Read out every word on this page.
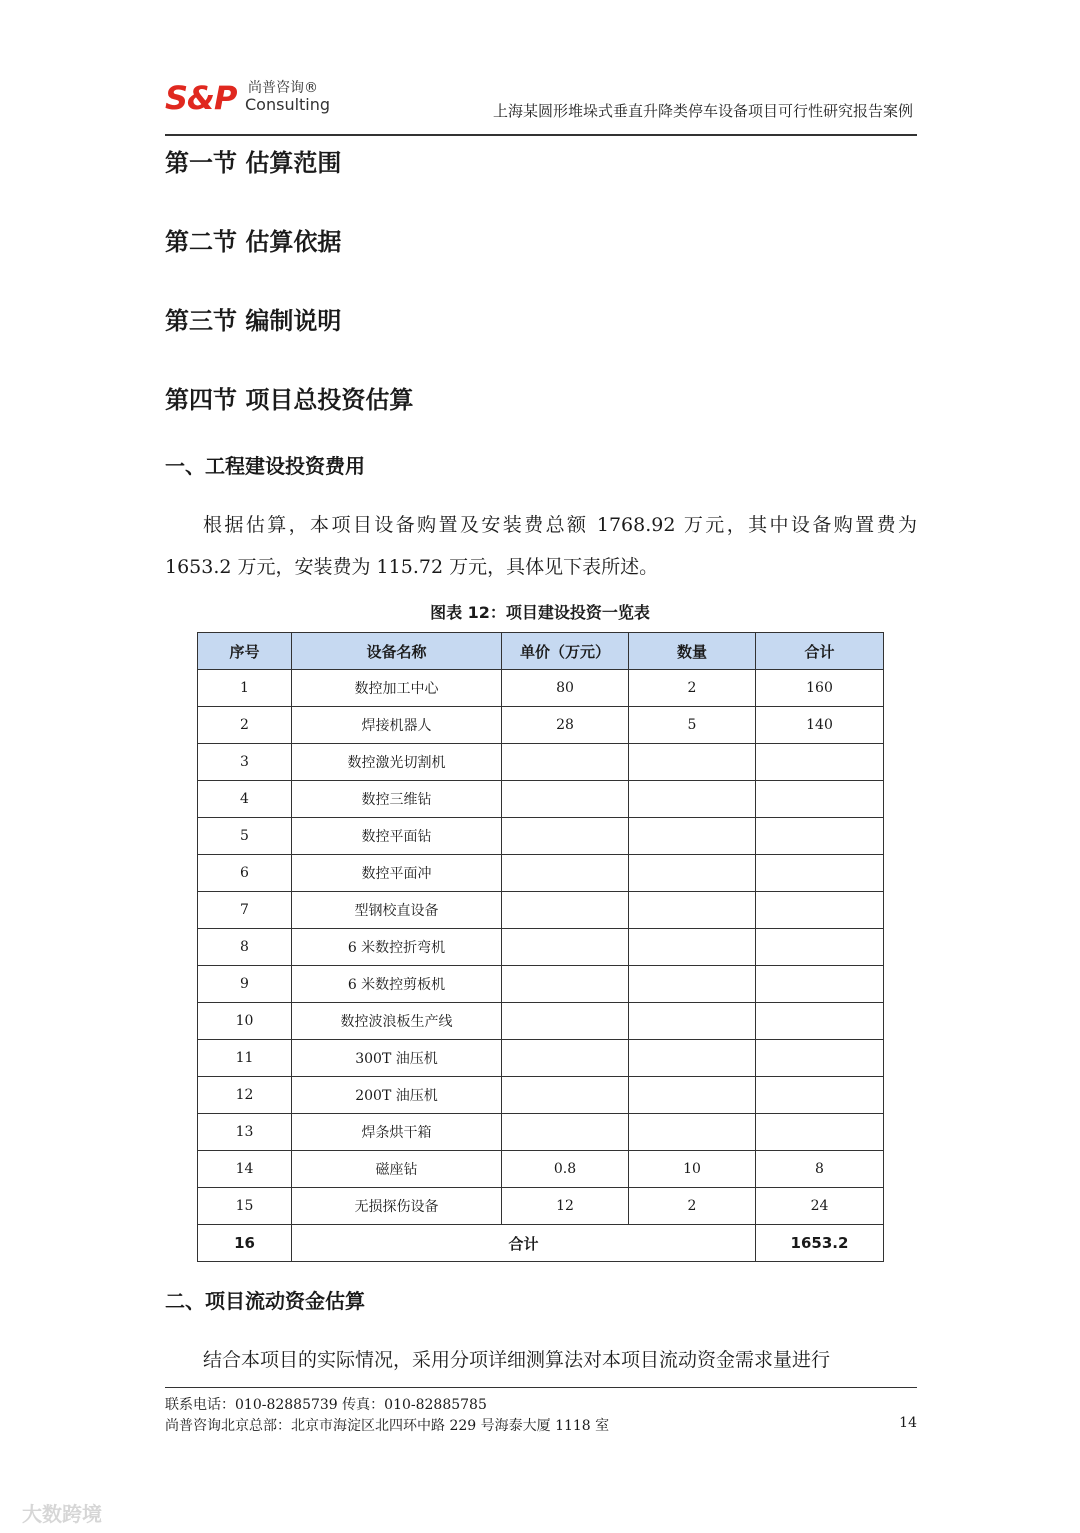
S&P 尚普咨询®
Consulting	上海某圆形堆垛式垂直升降类停车设备项目可行性研究报告案例
第一节 估算范围
第二节 估算依据
第三节 编制说明
第四节 项目总投资估算
一、工程建设投资费用

根据估算，本项目设备购置及安装费总额 1768.92 万元，其中设备购置费为 1653.2 万元，安装费为 115.72 万元，具体见下表所述。

图表 12：项目建设投资一览表
序号	设备名称	单价（万元）	数量	合计
1	数控加工中心	80	2	160
2	焊接机器人	28	5	140
3	数控激光切割机			
4	数控三维钻			
5	数控平面钻			
6	数控平面冲			
7	型钢校直设备			
8	6 米数控折弯机			
9	6 米数控剪板机			
10	数控波浪板生产线			
11	300T 油压机			
12	200T 油压机			
13	焊条烘干箱			
14	磁座钻	0.8	10	8
15	无损探伤设备	12	2	24
16	合计			1653.2
二、项目流动资金估算

结合本项目的实际情况，采用分项详细测算法对本项目流动资金需求量进行

联系电话：010-82885739 传真：010-82885785
尚普咨询北京总部：北京市海淀区北四环中路 229 号海泰大厦 1118 室	14
大数跨境
